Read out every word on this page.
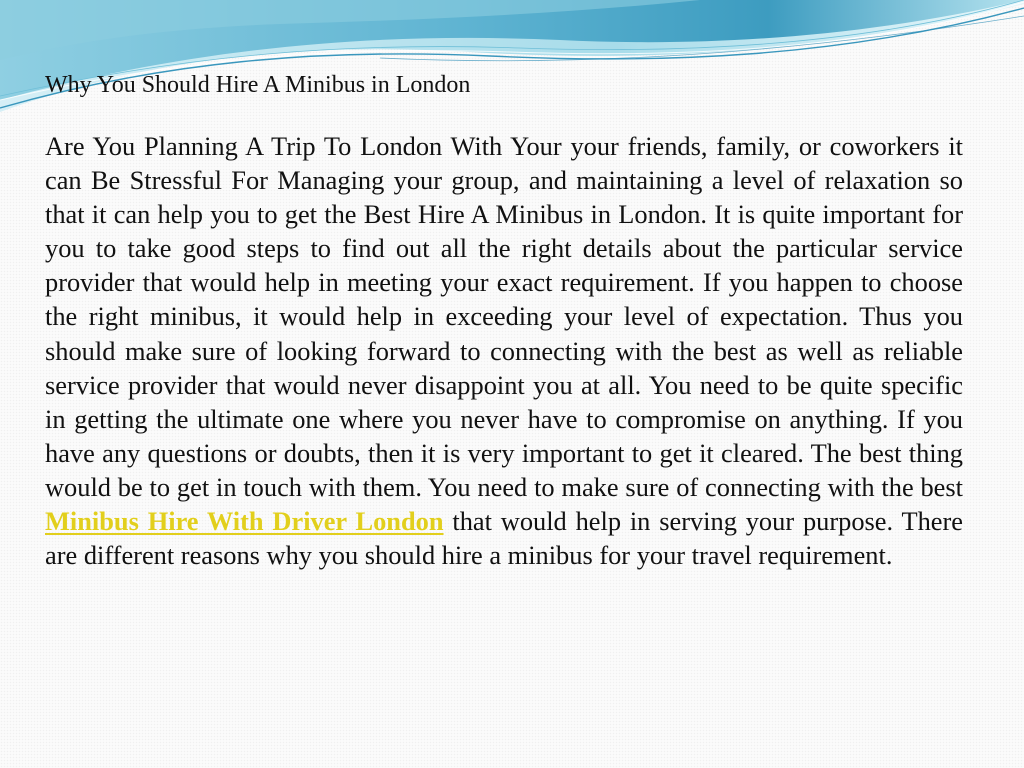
Why You Should Hire A Minibus in London

Are You Planning A Trip To London With Your your friends, family, or coworkers it can Be Stressful For Managing your group, and maintaining a level of relaxation so that it can help you to get the Best Hire A Minibus in London. It is quite important for you to take good steps to find out all the right details about the particular service provider that would help in meeting your exact requirement. If you happen to choose the right minibus, it would help in exceeding your level of expectation. Thus you should make sure of looking forward to connecting with the best as well as reliable service provider that would never disappoint you at all. You need to be quite specific in getting the ultimate one where you never have to compromise on anything. If you have any questions or doubts, then it is very important to get it cleared. The best thing would be to get in touch with them. You need to make sure of connecting with the best Minibus Hire With Driver London that would help in serving your purpose. There are different reasons why you should hire a minibus for your travel requirement.
